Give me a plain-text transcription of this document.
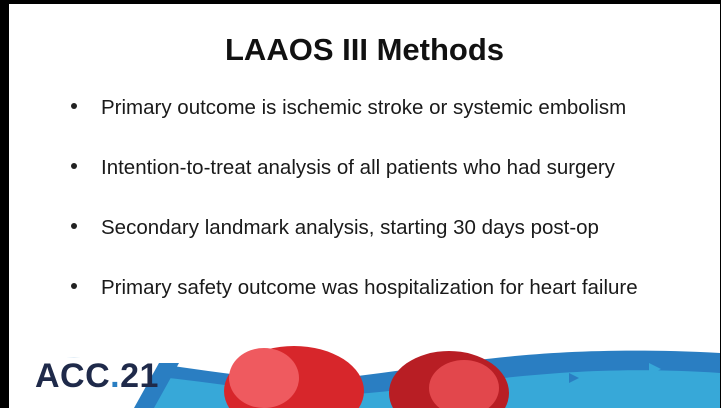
LAAOS III Methods
Primary outcome is ischemic stroke or systemic embolism
Intention-to-treat analysis of all patients who had surgery
Secondary landmark analysis, starting 30 days post-op
Primary safety outcome was hospitalization for heart failure
ACC.21
